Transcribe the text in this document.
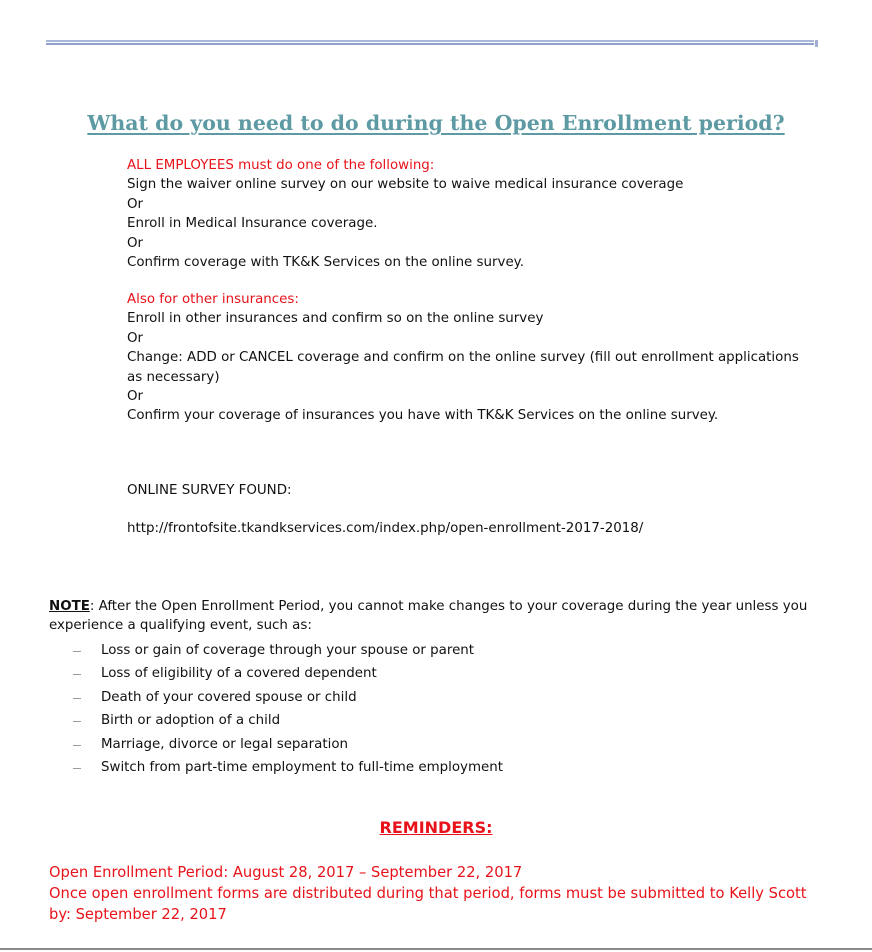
What do you need to do during the Open Enrollment period?
ALL EMPLOYEES must do one of the following:
Sign the waiver online survey on our website to waive medical insurance coverage
Or
Enroll in Medical Insurance coverage.
Or
Confirm coverage with TK&K Services on the online survey.
Also for other insurances:
Enroll in other insurances and confirm so on the online survey
Or
Change: ADD or CANCEL coverage and confirm on the online survey (fill out enrollment applications as necessary)
Or
Confirm your coverage of insurances you have with TK&K Services on the online survey.
ONLINE SURVEY FOUND:
http://frontofsite.tkandkservices.com/index.php/open-enrollment-2017-2018/
NOTE: After the Open Enrollment Period, you cannot make changes to your coverage during the year unless you experience a qualifying event, such as:
Loss or gain of coverage through your spouse or parent
Loss of eligibility of a covered dependent
Death of your covered spouse or child
Birth or adoption of a child
Marriage, divorce or legal separation
Switch from part-time employment to full-time employment
REMINDERS:
Open Enrollment Period: August 28, 2017 – September 22, 2017
Once open enrollment forms are distributed during that period, forms must be submitted to Kelly Scott by: September 22, 2017
